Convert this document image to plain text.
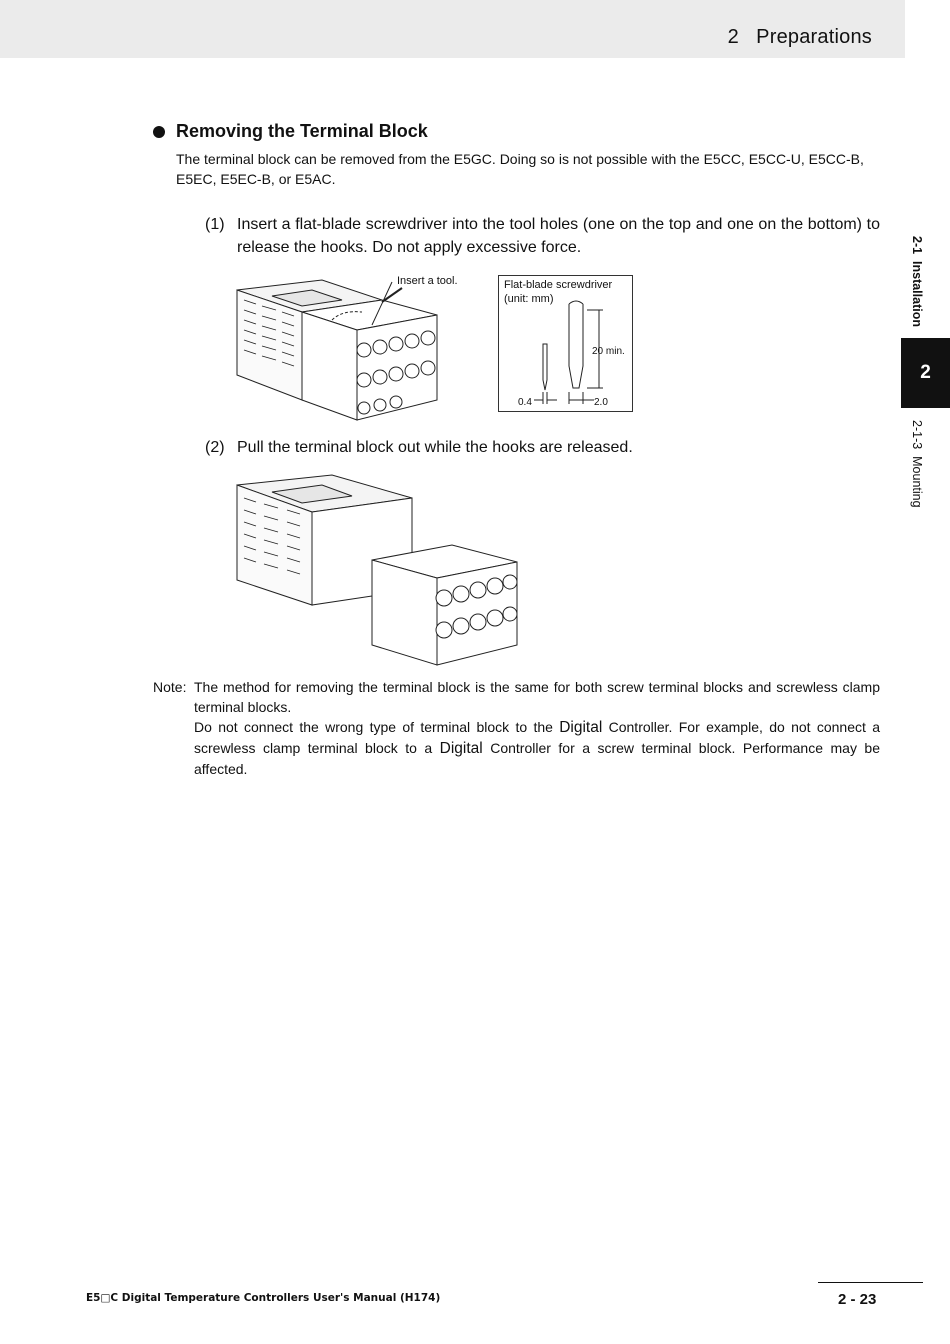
2   Preparations
Removing the Terminal Block
The terminal block can be removed from the E5GC. Doing so is not possible with the E5CC, E5CC-U, E5CC-B, E5EC, E5EC-B, or E5AC.
(1) Insert a flat-blade screwdriver into the tool holes (one on the top and one on the bottom) to release the hooks. Do not apply excessive force.
Insert a tool.	Flat-blade screwdriver
(unit: mm)
20 min.
0.4	2.0
(2) Pull the terminal block out while the hooks are released.
Note: The method for removing the terminal block is the same for both screw terminal blocks and screwless clamp terminal blocks.
Do not connect the wrong type of terminal block to the Digital Controller. For example, do not connect a screwless clamp terminal block to a Digital Controller for a screw terminal block. Performance may be affected.
2-1  Installation
2
2-1-3  Mounting
E5□C Digital Temperature Controllers User's Manual (H174)	2 - 23
